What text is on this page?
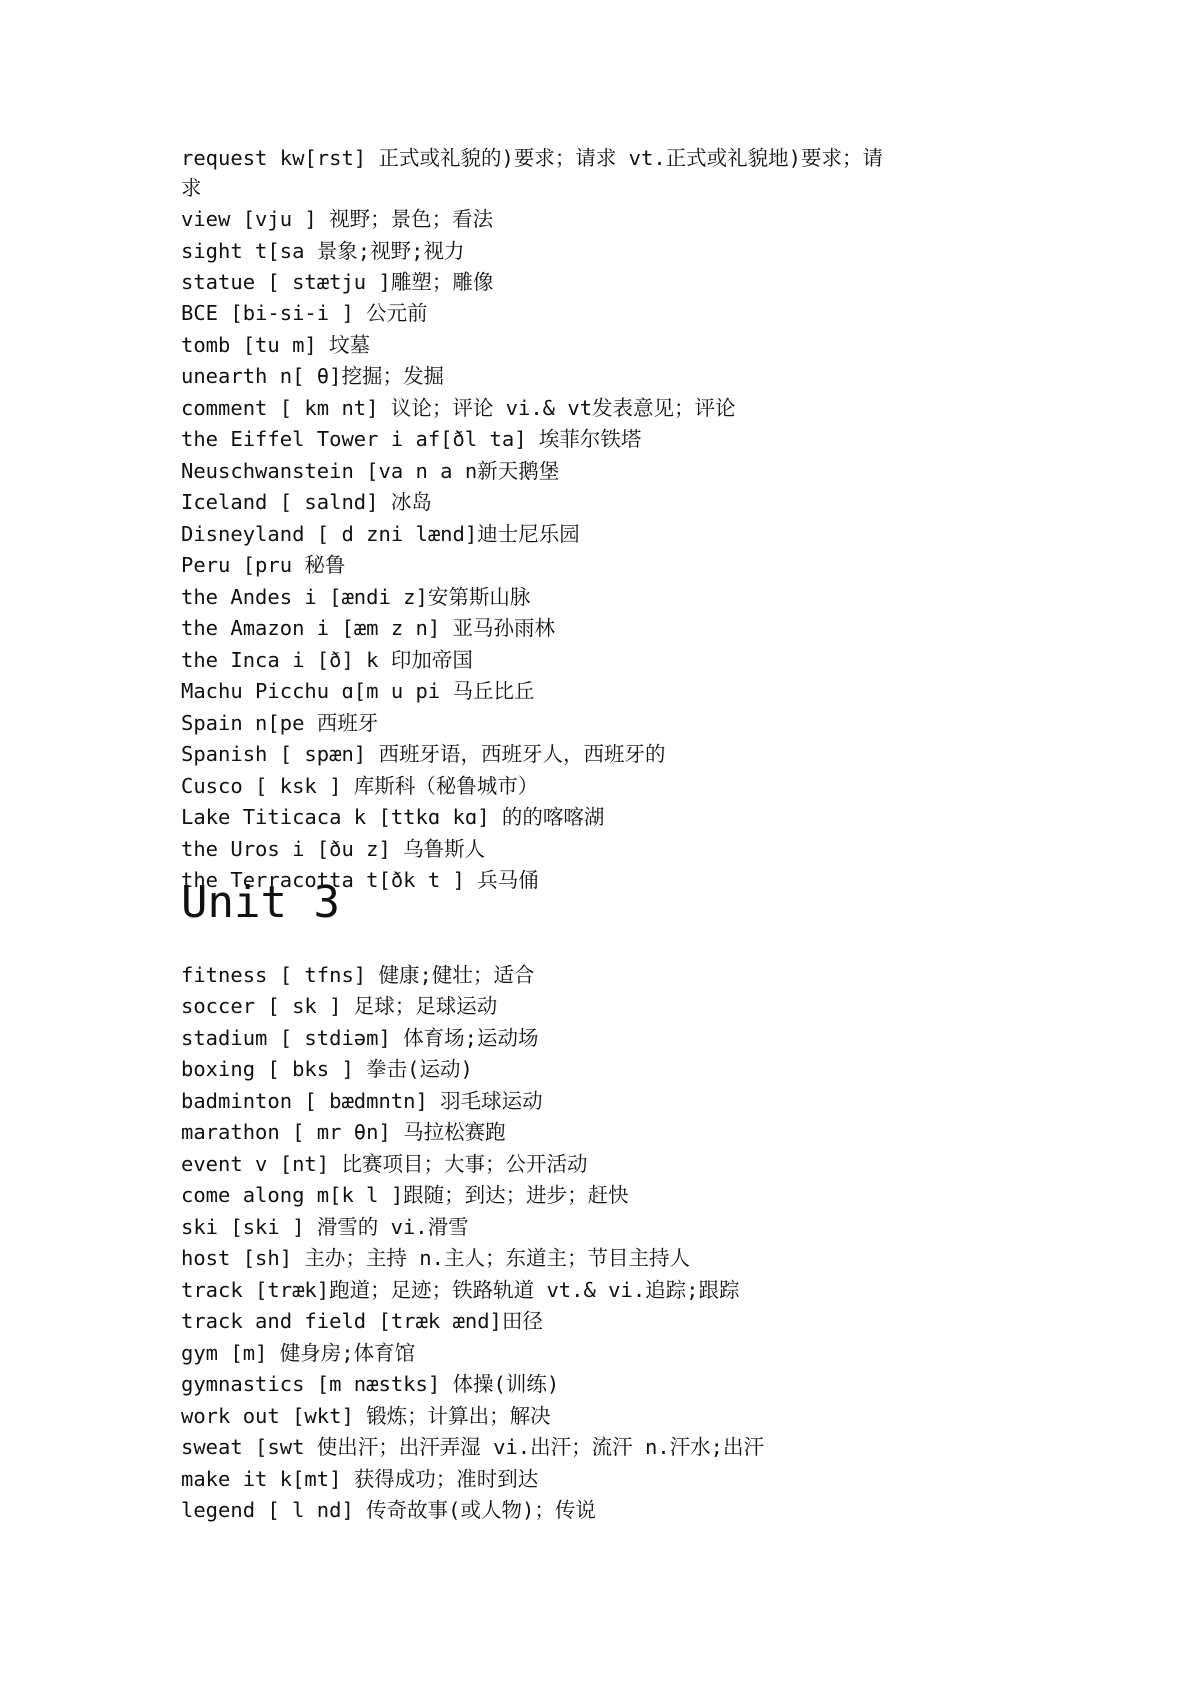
request kw[rst] 正式或礼貌的)要求；请求 vt.正式或礼貌地)要求；请
求
view [vju ] 视野；景色；看法
sight t[sa 景象;视野;视力
statue [ stætju ]雕塑；雕像
BCE [bi-si-i ] 公元前
tomb [tu m] 坟墓
unearth n[ θ]挖掘；发掘
comment [ km nt] 议论；评论 vi.& vt发表意见；评论
the Eiffel Tower i af[ðl ta] 埃菲尔铁塔
Neuschwanstein [va n a n新天鹅堡
Iceland [ salnd] 冰岛
Disneyland [ d zni lænd]迪士尼乐园
Peru [pru 秘鲁
the Andes i [ændi z]安第斯山脉
the Amazon i [æm z n] 亚马孙雨林
the Inca i [ð] k 印加帝国
Machu Picchu ɑ[m u pi 马丘比丘
Spain n[pe 西班牙
Spanish [ spæn] 西班牙语，西班牙人，西班牙的
Cusco [ ksk ] 库斯科（秘鲁城市）
Lake Titicaca k [ttkɑ kɑ] 的的喀喀湖
the Uros i [ðu z] 乌鲁斯人
the Terracotta t[ðk t ] 兵马俑
Unit 3
fitness [ tfns] 健康;健壮；适合
soccer [ sk ] 足球；足球运动
stadium [ stdiəm] 体育场;运动场
boxing [ bks ] 拳击(运动)
badminton [ bædmntn] 羽毛球运动
marathon [ mr θn] 马拉松赛跑
event v [nt] 比赛项目；大事；公开活动
come along m[k l ]跟随；到达；进步；赶快
ski [ski ] 滑雪的 vi.滑雪
host [sh] 主办；主持 n.主人；东道主；节目主持人
track [træk]跑道；足迹；铁路轨道 vt.& vi.追踪;跟踪
track and field [træk ænd]田径
gym [m] 健身房;体育馆
gymnastics [m næstks] 体操(训练)
work out [wkt] 锻炼；计算出；解决
sweat [swt 使出汗；出汗弄湿 vi.出汗；流汗 n.汗水;出汗
make it k[mt] 获得成功；准时到达
legend [ l nd] 传奇故事(或人物)；传说
